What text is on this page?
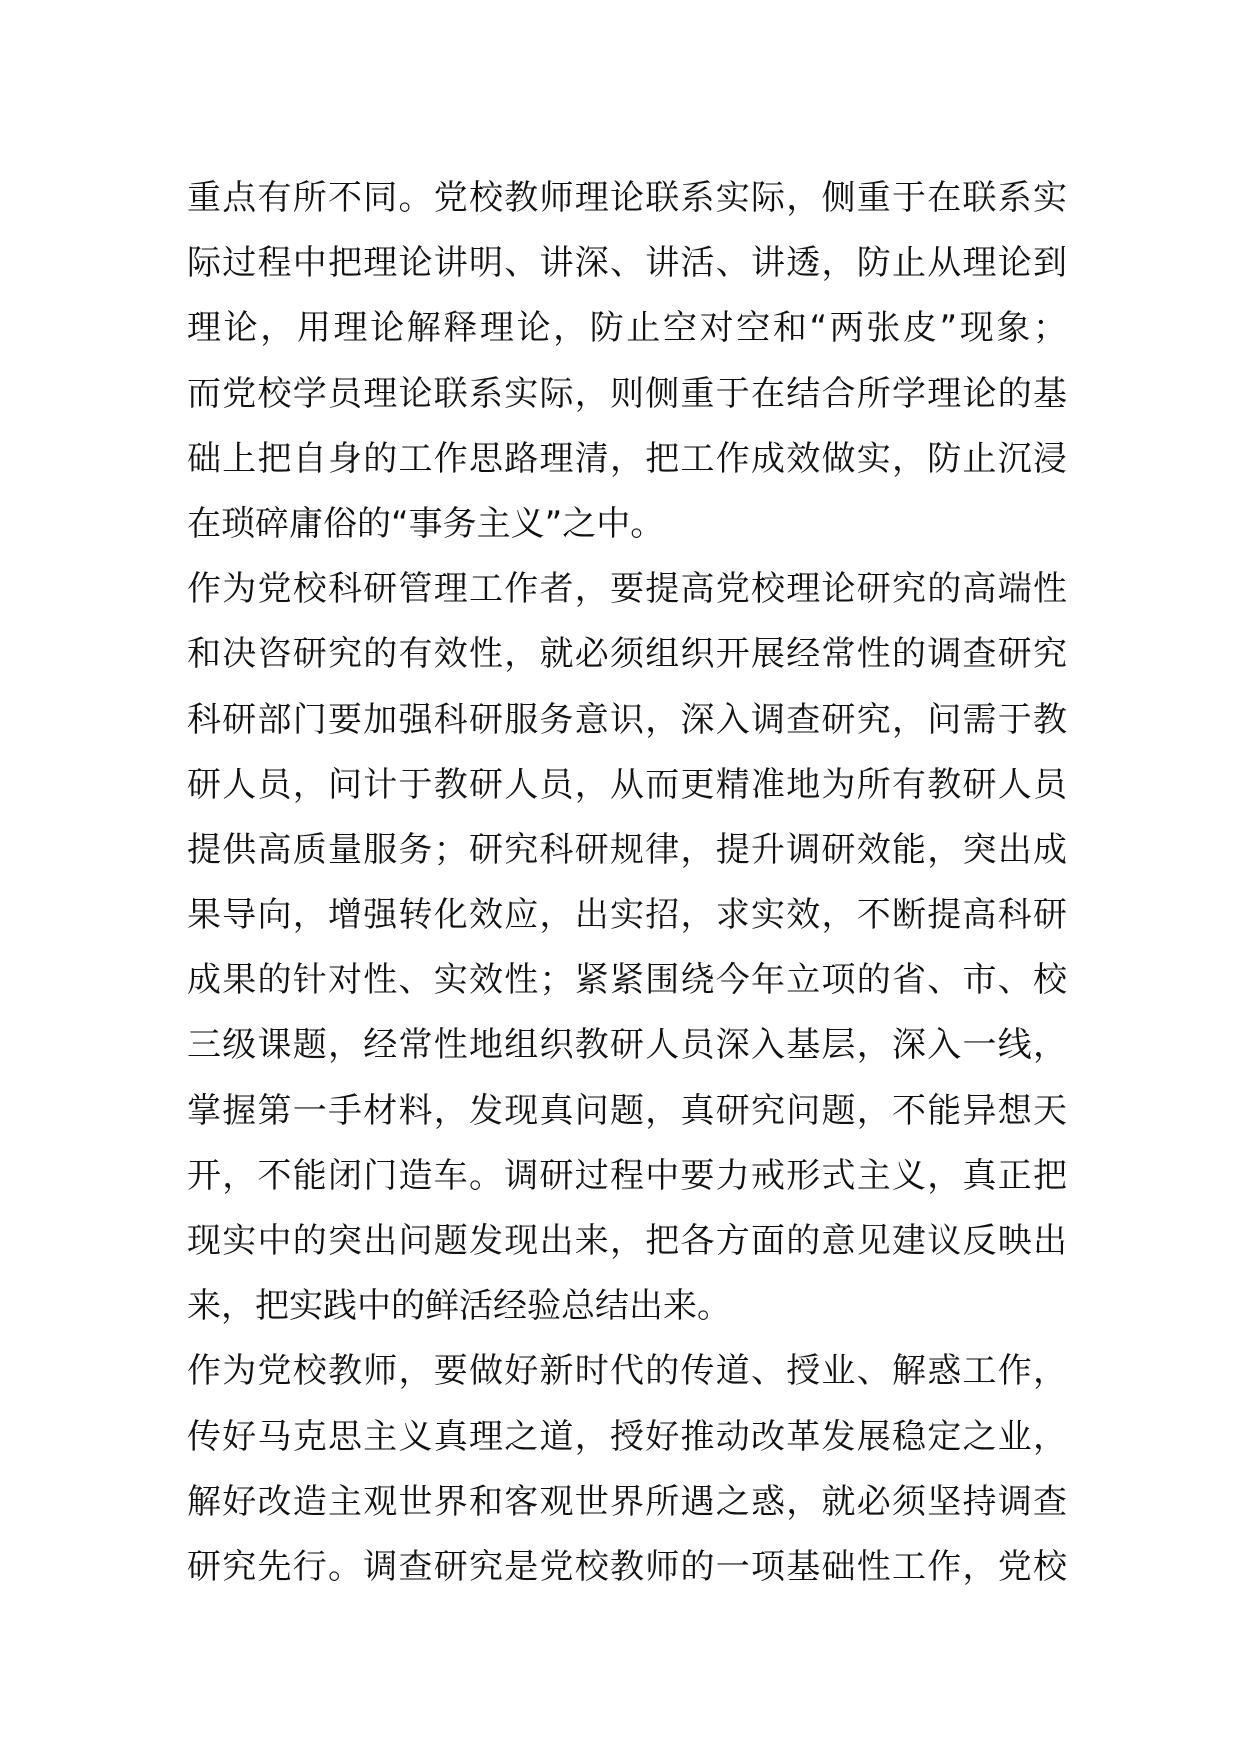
重点有所不同。党校教师理论联系实际，侧重于在联系实
际过程中把理论讲明、讲深、讲活、讲透，防止从理论到
理论，用理论解释理论，防止空对空和“两张皮”现象；
而党校学员理论联系实际，则侧重于在结合所学理论的基
础上把自身的工作思路理清，把工作成效做实，防止沉浸
在琐碎庸俗的“事务主义”之中。
作为党校科研管理工作者，要提高党校理论研究的高端性
和决咨研究的有效性，就必须组织开展经常性的调查研究
科研部门要加强科研服务意识，深入调查研究，问需于教
研人员，问计于教研人员，从而更精准地为所有教研人员
提供高质量服务；研究科研规律，提升调研效能，突出成
果导向，增强转化效应，出实招，求实效，不断提高科研
成果的针对性、实效性；紧紧围绕今年立项的省、市、校
三级课题，经常性地组织教研人员深入基层，深入一线，
掌握第一手材料，发现真问题，真研究问题，不能异想天
开，不能闭门造车。调研过程中要力戒形式主义，真正把
现实中的突出问题发现出来，把各方面的意见建议反映出
来，把实践中的鲜活经验总结出来。
作为党校教师，要做好新时代的传道、授业、解惑工作，
传好马克思主义真理之道，授好推动改革发展稳定之业，
解好改造主观世界和客观世界所遇之惑，就必须坚持调查
研究先行。调查研究是党校教师的一项基础性工作，党校
